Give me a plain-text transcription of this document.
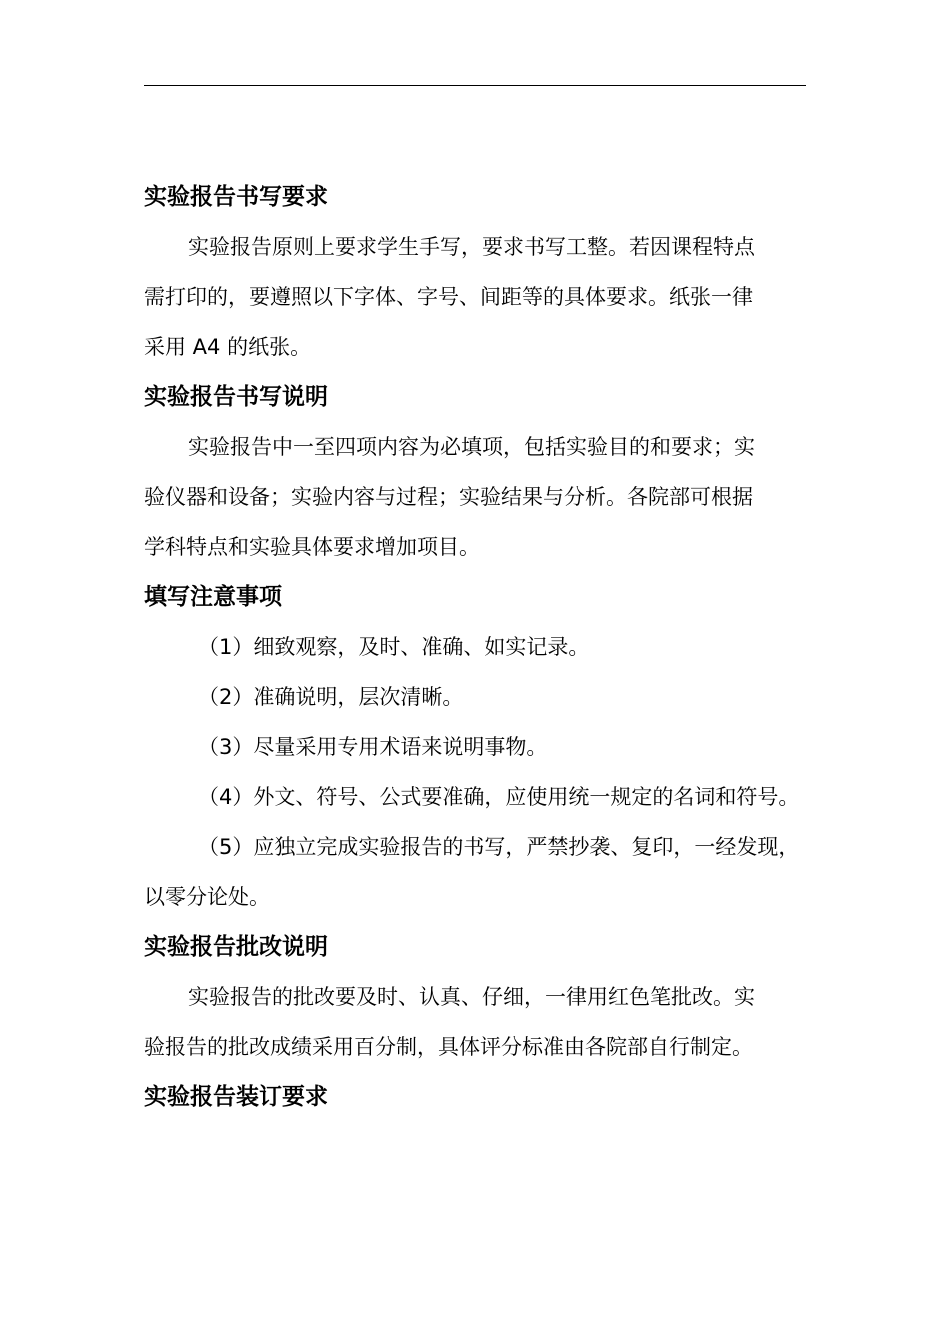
实验报告书写要求

实验报告原则上要求学生手写，要求书写工整。若因课程特点
需打印的，要遵照以下字体、字号、间距等的具体要求。纸张一律
采用 A4 的纸张。

实验报告书写说明

实验报告中一至四项内容为必填项，包括实验目的和要求；实
验仪器和设备；实验内容与过程；实验结果与分析。各院部可根据
学科特点和实验具体要求增加项目。

填写注意事项

（1）细致观察，及时、准确、如实记录。

（2）准确说明，层次清晰。

（3）尽量采用专用术语来说明事物。

（4）外文、符号、公式要准确，应使用统一规定的名词和符号。

（5）应独立完成实验报告的书写，严禁抄袭、复印，一经发现，
以零分论处。

实验报告批改说明

实验报告的批改要及时、认真、仔细，一律用红色笔批改。实
验报告的批改成绩采用百分制，具体评分标准由各院部自行制定。

实验报告装订要求
